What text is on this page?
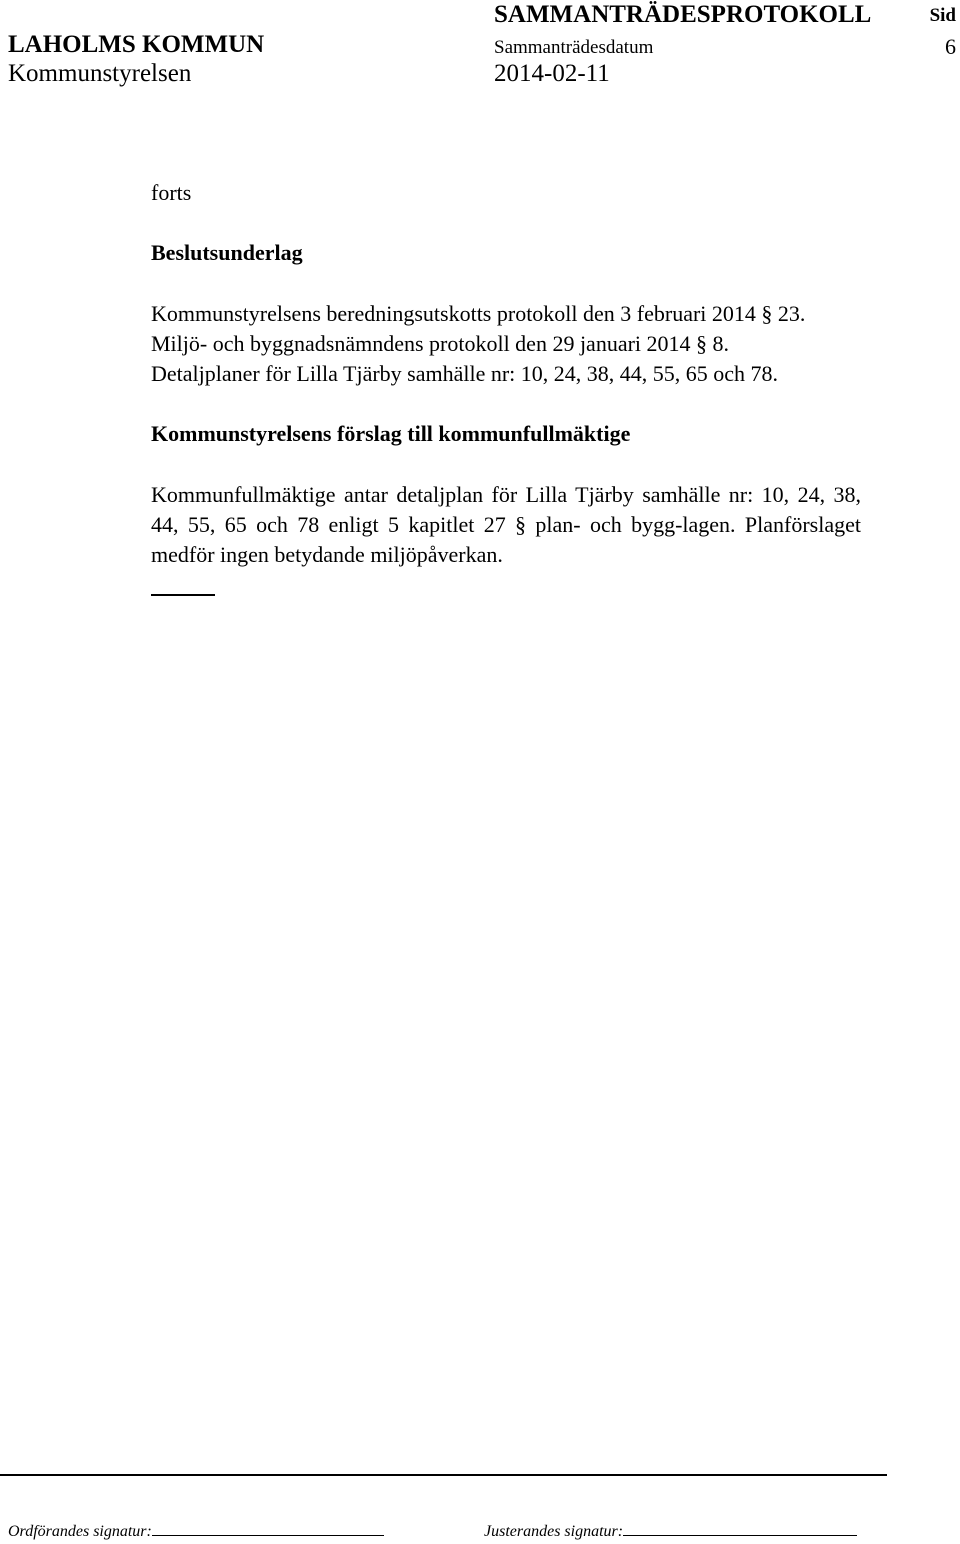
LAHOLMS KOMMUN
Kommunstyrelsen
SAMMANTRÄDESPROTOKOLL
Sammanträdesdatum
2014-02-11
Sid
6

forts

Beslutsunderlag

Kommunstyrelsens beredningsutskotts protokoll den 3 februari 2014 § 23.

Miljö- och byggnadsnämndens protokoll den 29 januari 2014 § 8.

Detaljplaner för Lilla Tjärby samhälle nr: 10, 24, 38, 44, 55, 65 och 78.

Kommunstyrelsens förslag till kommunfullmäktige

Kommunfullmäktige antar detaljplan för Lilla Tjärby samhälle nr: 10, 24, 38, 44, 55, 65 och 78 enligt 5 kapitlet 27 § plan- och bygg-lagen. Planförslaget medför ingen betydande miljöpåverkan.

Ordförandes signatur:	Justerandes signatur:
